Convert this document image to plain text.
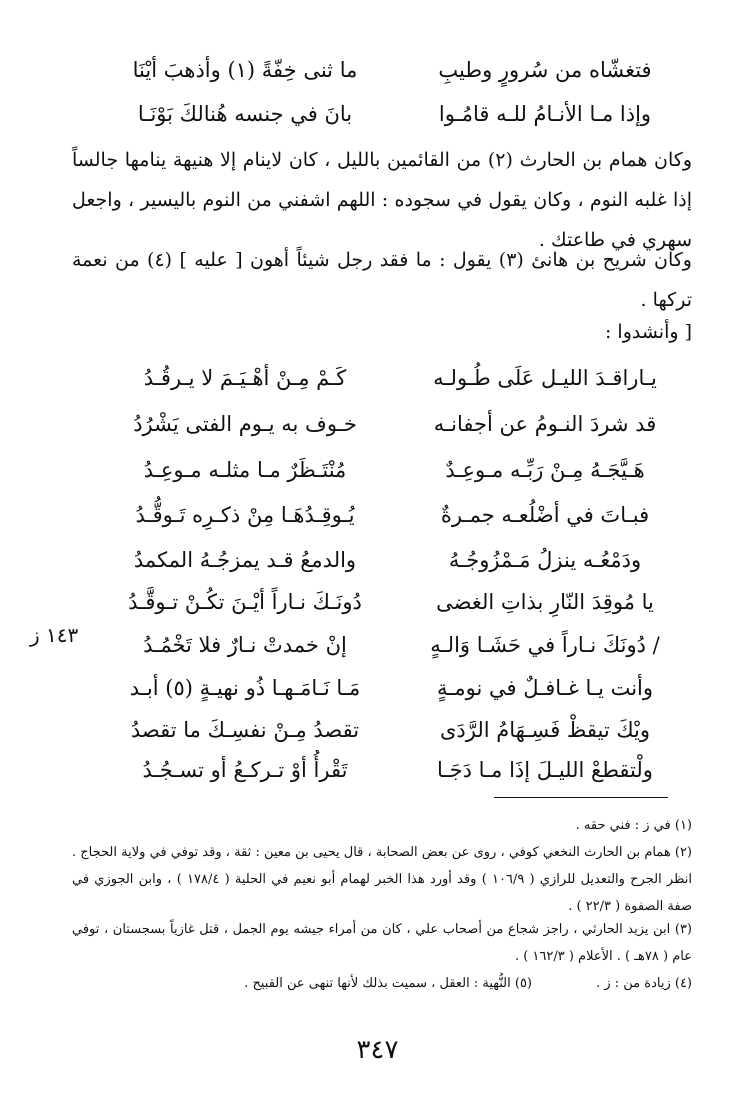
فتغشّاه من سُرورٍ وطيبِ
ما ثنى خِفّةً (١) وأذهبَ أيْنَا
وإذا مـا الأنـامُ للـه قامُـوا
بانَ في جنسه هُنالكَ بَوْنَـا
وكان همام بن الحارث (٢) من القائمين بالليل ، كان لاينام إلا هنيهة ينامها جالساً إذا غلبه النوم ، وكان يقول في سجوده : اللهم اشفني من النوم باليسير ، واجعل سهري في طاعتك .
وكان شريح بن هانئ (٣) يقول : ما فقد رجل شيئاً أهون [ عليه ] (٤) من نعمة تركها .
[ وأنشدوا :
يـاراقـدَ الليـل عَلَى طُـولـه
كَـمْ مِـنْ أهْـيَـمَ لا يـرقُـدُ
قد شردَ النـومُ عن أجفانـه
خـوف به يـوم الفتى يَشْرُدُ
هَـيَّجَـهُ مِـنْ رَبِّـه مـوعِـدٌ
مُنْتَـظَرٌ مـا مثلـه مـوعِـدُ
فبـاتَ في أضْلُعـه جمـرةٌ
يُـوقِـدُهَـا مِنْ ذكـرِه تَـوقُّـدُ
ودَمْعُـه ينزلُ مَـمْزُوجُـهُ
والدمعُ قـد يمزجُـهُ المكمدُ
يا مُوقِدَ النّارِ بذاتِ الغضى
دُونَـكَ نـاراً أيْـنَ تكُـنْ تـوقَّـدُ
/ دُونَكَ نـاراً في حَشَـا وَالـهٍ
إنْ خمدتْ نـارٌ فلا تَخْمُـدُ
وأنت يـا غـافـلٌ في نومـةٍ
مَـا نَـامَـهـا ذُو نهيـةٍ (٥) أبـد
ويْكَ تيقظْ فَسِـهَامُ الرَّدَى
تقصدُ مِـنْ نفسِـكَ ما تقصدُ
ولْتقطعْ الليـلَ إذَا مـا دَجَـا
تَقْرأُ أوْ تـركـعُ أو تسـجُـدُ
١٤٣ ز
(١) في ز : فني حقه .
(٢) همام بن الحارث النخعي كوفي ، روى عن بعض الصحابة ، قال يحيى بن معين : ثقة ، وقد توفي في ولاية الحجاج . انظر الجرح والتعديل للرازي ( ١٠٦/٩ ) وقد أورد هذا الخبر لهمام أبو نعيم في الحلية ( ١٧٨/٤ ) ، وابن الجوزي في صفة الصفوة ( ٢٢/٣ ) .
(٣) ابن يزيد الحارثي ، راجز شجاع من أصحاب علي ، كان من أمراء جيشه يوم الجمل ، قتل غازياً بسجستان ، توفي عام ( ٧٨هـ ) . الأعلام ( ١٦٢/٣ ) .
(٤) زيادة من : ز .
(٥) النُّهية : العقل ، سميت بذلك لأنها تنهى عن القبيح .
٣٤٧
